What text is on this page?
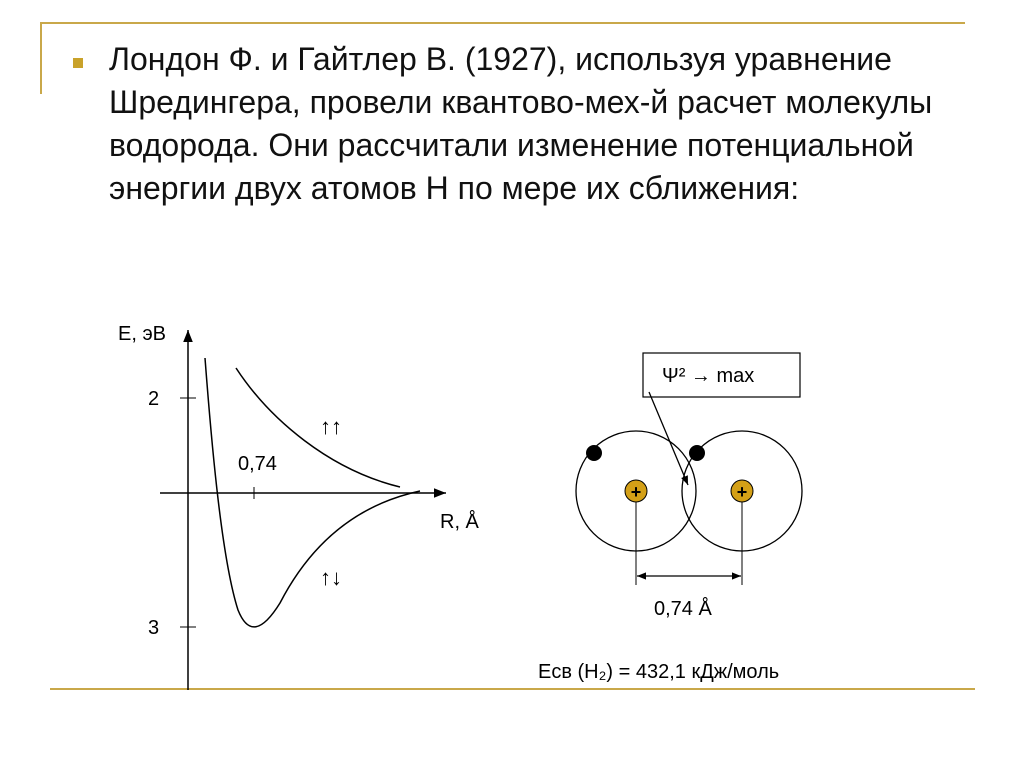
Лондон Ф. и Гайтлер В. (1927), используя уравнение Шредингера, провели квантово-мех-й расчет молекулы водорода. Они рассчитали изменение потенциальной энергии двух атомов Н по мере их сближения:
E, эВ
2
3
0,74
R, Å
↑↑
↑↓
Ψ² → max
+	+
0,74 Å
Eсв (H₂) = 432,1 кДж/моль
